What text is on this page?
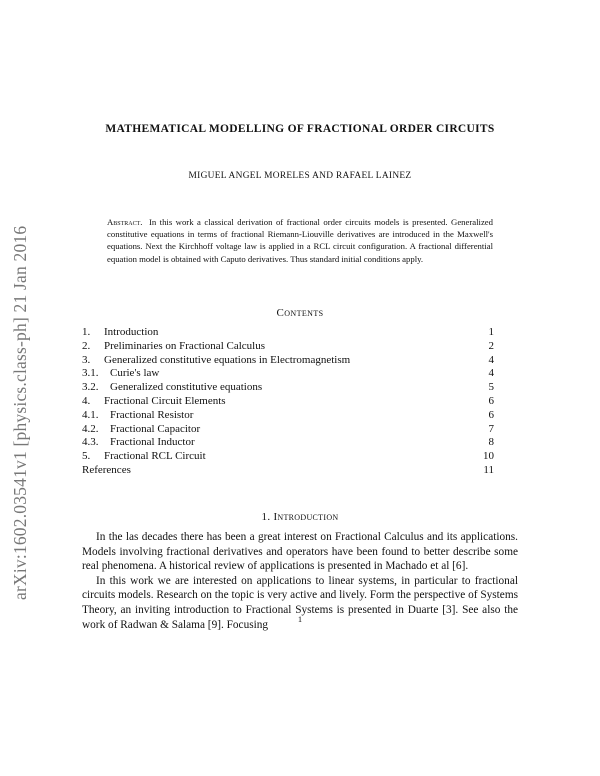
arXiv:1602.03541v1 [physics.class-ph] 21 Jan 2016
MATHEMATICAL MODELLING OF FRACTIONAL ORDER CIRCUITS
MIGUEL ANGEL MORELES AND RAFAEL LAINEZ
Abstract. In this work a classical derivation of fractional order circuits models is presented. Generalized constitutive equations in terms of fractional Riemann-Liouville derivatives are introduced in the Maxwell's equations. Next the Kirchhoff voltage law is applied in a RCL circuit configuration. A fractional differential equation model is obtained with Caputo derivatives. Thus standard initial conditions apply.
Contents
1. Introduction	1
2. Preliminaries on Fractional Calculus	2
3. Generalized constitutive equations in Electromagnetism	4
3.1. Curie's law	4
3.2. Generalized constitutive equations	5
4. Fractional Circuit Elements	6
4.1. Fractional Resistor	6
4.2. Fractional Capacitor	7
4.3. Fractional Inductor	8
5. Fractional RCL Circuit	10
References	11
1. Introduction

In the las decades there has been a great interest on Fractional Calculus and its applications. Models involving fractional derivatives and operators have been found to better describe some real phenomena. A historical review of applications is presented in Machado et al [6].

In this work we are interested on applications to linear systems, in particular to fractional circuits models. Research on the topic is very active and lively. Form the perspective of Systems Theory, an inviting introduction to Fractional Systems is presented in Duarte [3]. See also the work of Radwan & Salama [9]. Focusing	1
